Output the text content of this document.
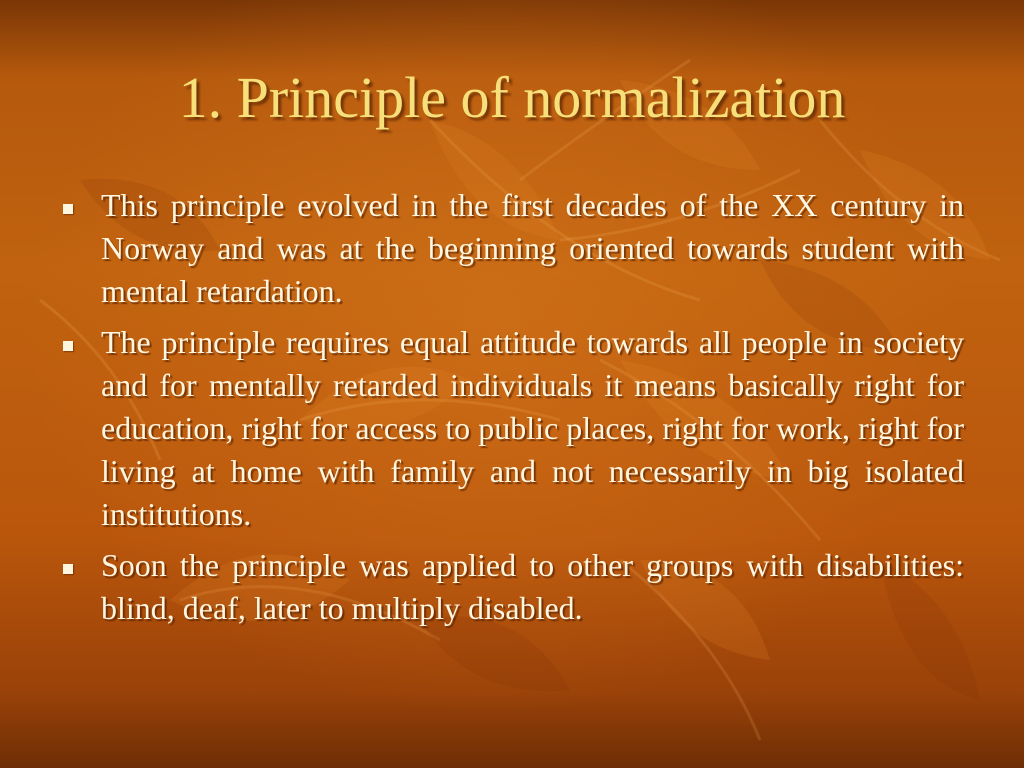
1. Principle of normalization
This principle evolved in the first decades of the XX century in Norway and was at the beginning oriented towards student with mental retardation.
The principle requires equal attitude towards all people in society and for mentally retarded individuals it means basically right for education, right for access to public places, right for work, right for living at home with family and not necessarily in big isolated institutions.
Soon the principle was applied to other groups with disabilities: blind, deaf, later to multiply disabled.
